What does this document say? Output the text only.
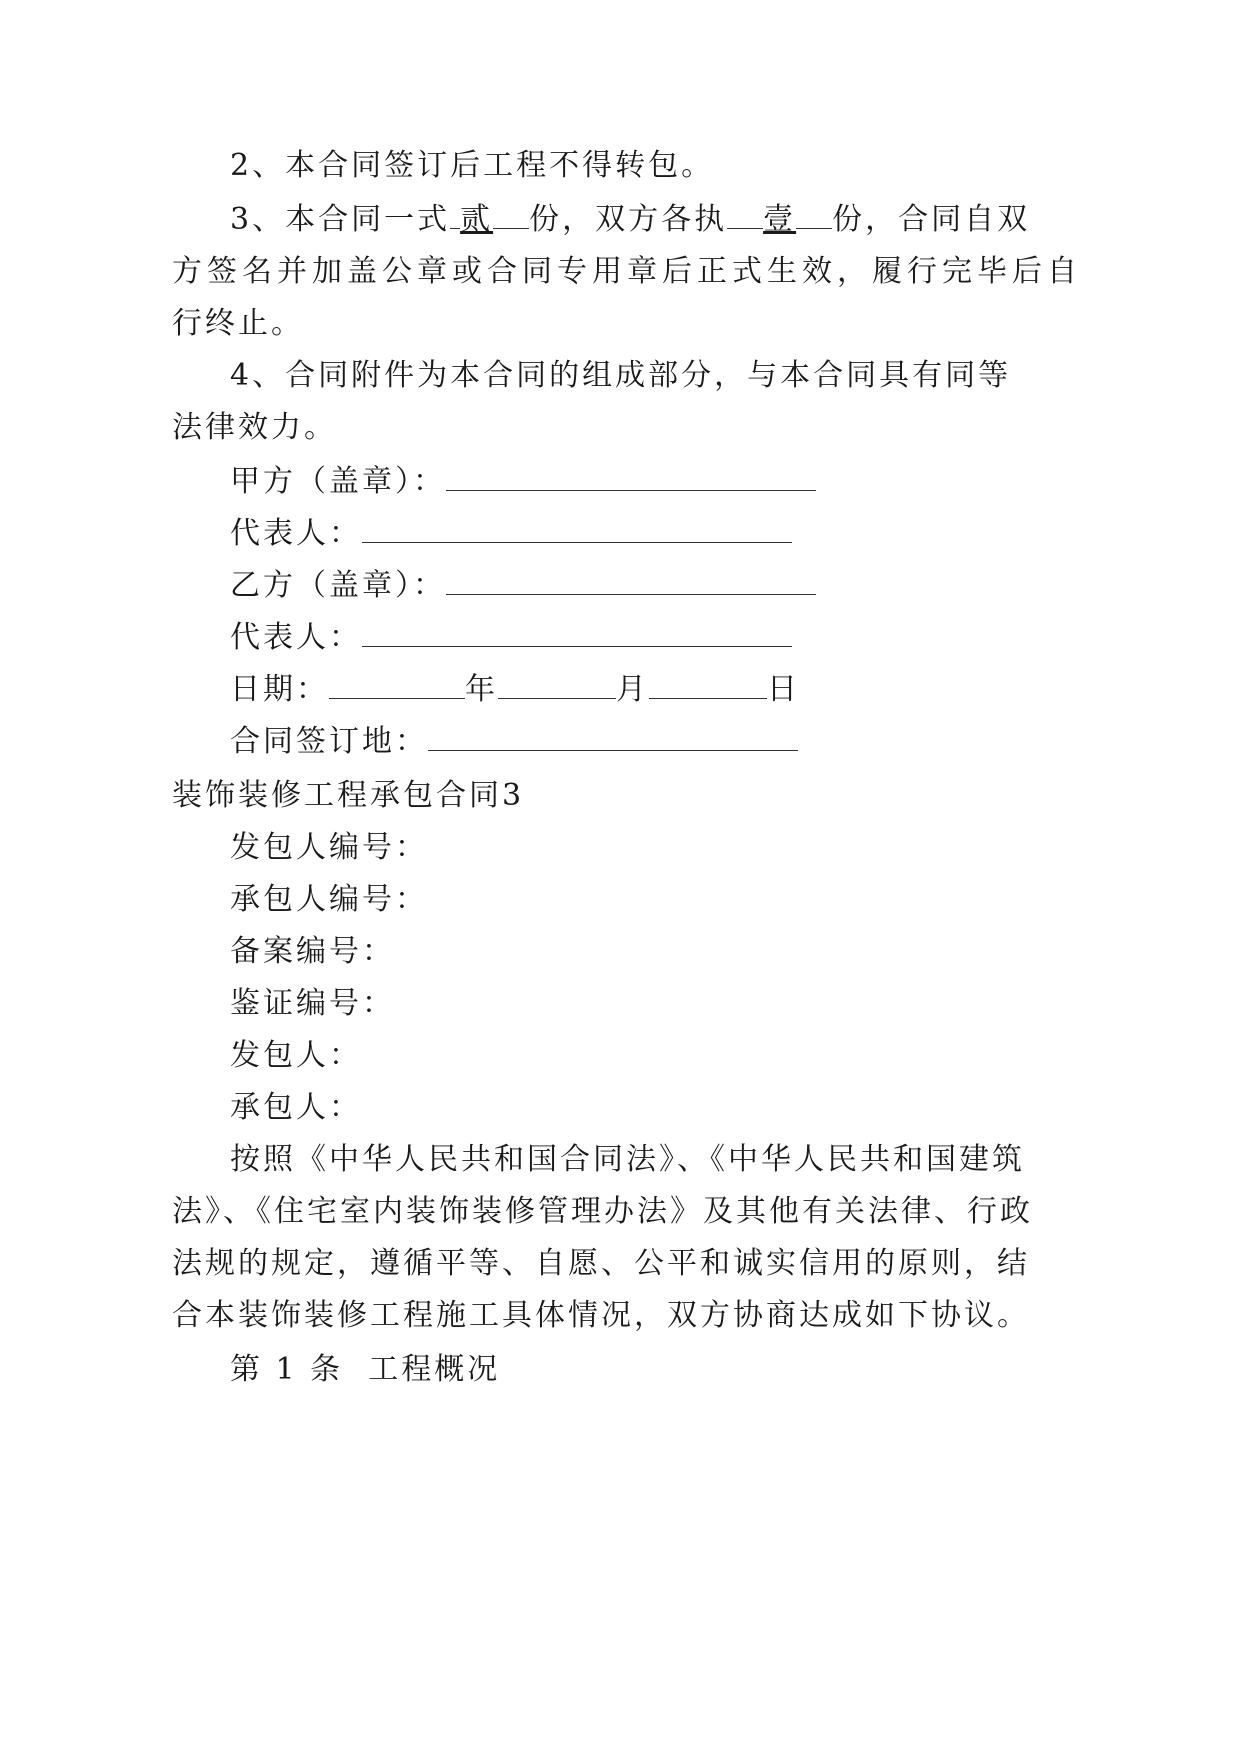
2、本合同签订后工程不得转包。
3、本合同一式 贰 份，双方各执 壹 份，合同自双
方签名并加盖公章或合同专用章后正式生效，履行完毕后自
行终止。
4、合同附件为本合同的组成部分，与本合同具有同等
法律效力。
甲方（盖章）：
代表人：
乙方（盖章）：
代表人：
日期：	年	月	日
合同签订地：
装饰装修工程承包合同3
发包人编号：
承包人编号：
备案编号：
鉴证编号：
发包人：
承包人：
按照《中华人民共和国合同法》、《中华人民共和国建筑
法》、《住宅室内装饰装修管理办法》及其他有关法律、行政
法规的规定，遵循平等、自愿、公平和诚实信用的原则，结
合本装饰装修工程施工具体情况，双方协商达成如下协议。
第 1 条  工程概况
